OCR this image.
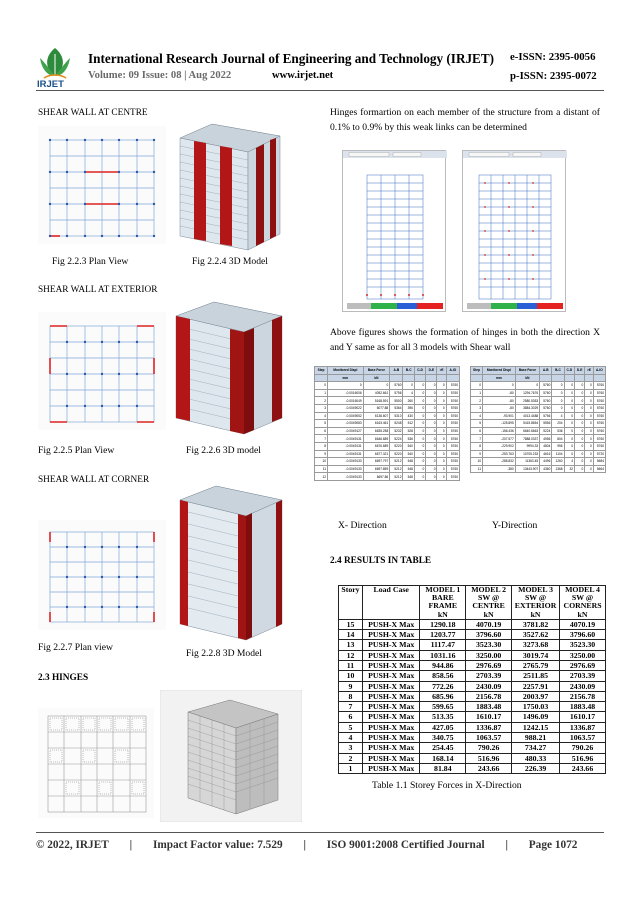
IRJET
International Research Journal of Engineering and Technology (IRJET)
Volume: 09 Issue: 08 | Aug 2022	www.irjet.net
e-ISSN: 2395-0056
p-ISSN: 2395-0072
SHEAR WALL AT CENTRE
Fig 2.2.3 Plan View	Fig 2.2.4 3D Model
SHEAR WALL AT EXTERIOR
Fig 2.2.5 Plan View	Fig 2.2.6 3D model
SHEAR WALL AT CORNER
Fig 2.2.7 Plan view
Fig 2.2.8 3D Model
2.3 HINGES
Hinges formartion on each member of the structure from a distant of 0.1% to 0.9% by this weak links can be determined
Above figures shows the formation of hinges in both the direction X and Y same as for all 3 models with Shear wall
Step	Monitored Displ	Base Force	A-B	B-C	C-D	D-E	>E	A-IO
	mm	kN						
0	0	0	5760	0	0	0	0	5760
1	-0.0016006	4052.661	5756	4	0	0	0	5760
2	-0.0016049	5168.591	5500	260	0	0	0	5760
3	-0.0049022	6077.88	5364	396	0	0	0	5760
4	-0.0049052	6136.607	5310	430	0	0	0	5760
5	-0.0049083	6163.461	5248	512	0	0	0	5760
6	-0.0049127	6635.258	5232	528	0	0	0	5760
7	-0.0049131	6646.689	5224	536	0	0	0	5760
8	-0.0049131	6676.689	5220	540	0	0	0	5760
9	-0.0049131	6677.321	5220	540	0	0	0	5760
10	-0.0049133	6697.797	5212	548	0	0	0	5760
11	-0.0049133	6697.859	5212	548	0	0	0	5760
12	-0.0049133	6697.86	5212	548	0	0	0	5760
Step	Monitored Displ	Base Force	A-B	B-C	C-D	D-E	>E	A-IO
	mm	kN						
0	0	0	5760	0	0	0	0	5760
1	-80	1294.7676	5760	0	0	0	0	5760
2	-80	2580.5353	5760	0	0	0	0	5760
3	-80	3884.3029	5760	0	0	0	0	5760
4	-93.901	4013.4488	5756	4	0	0	0	5760
5	-125.895	5415.8654	5556	204	0	0	0	5760
6	-156.436	6640.6663	5224	536	0	0	0	5760
7	-207.577	7888.0337	4956	804	0	0	0	5760
8	-229.902	9994.33	4804	956	0	0	0	5760
9	-253.763	10705.233	4616	1104	0	0	0	5720
10	-285.832	11363.45	4496	1260	4	0	0	5684
11	-380	13443.907	4360	1368	32	0	0	5664
X- Direction	Y-Direction
2.4 RESULTS IN TABLE
Story	Load Case	MODEL 1
BARE
FRAME
kN	MODEL 2
SW @
CENTRE
kN	MODEL 3
SW @
EXTERIOR
kN	MODEL 4
SW @
CORNERS
kN
15	PUSH-X Max	1290.18	4070.19	3781.82	4070.19
14	PUSH-X Max	1203.77	3796.60	3527.62	3796.60
13	PUSH-X Max	1117.47	3523.30	3273.68	3523.30
12	PUSH-X Max	1031.16	3250.00	3019.74	3250.00
11	PUSH-X Max	944.86	2976.69	2765.79	2976.69
10	PUSH-X Max	858.56	2703.39	2511.85	2703.39
9	PUSH-X Max	772.26	2430.09	2257.91	2430.09
8	PUSH-X Max	685.96	2156.78	2003.97	2156.78
7	PUSH-X Max	599.65	1883.48	1750.03	1883.48
6	PUSH-X Max	513.35	1610.17	1496.09	1610.17
5	PUSH-X Max	427.05	1336.87	1242.15	1336.87
4	PUSH-X Max	340.75	1063.57	988.21	1063.57
3	PUSH-X Max	254.45	790.26	734.27	790.26
2	PUSH-X Max	168.14	516.96	480.33	516.96
1	PUSH-X Max	81.84	243.66	226.39	243.66
Table 1.1 Storey Forces in X-Direction
© 2022, IRJET | Impact Factor value: 7.529 | ISO 9001:2008 Certified Journal | Page 1072
